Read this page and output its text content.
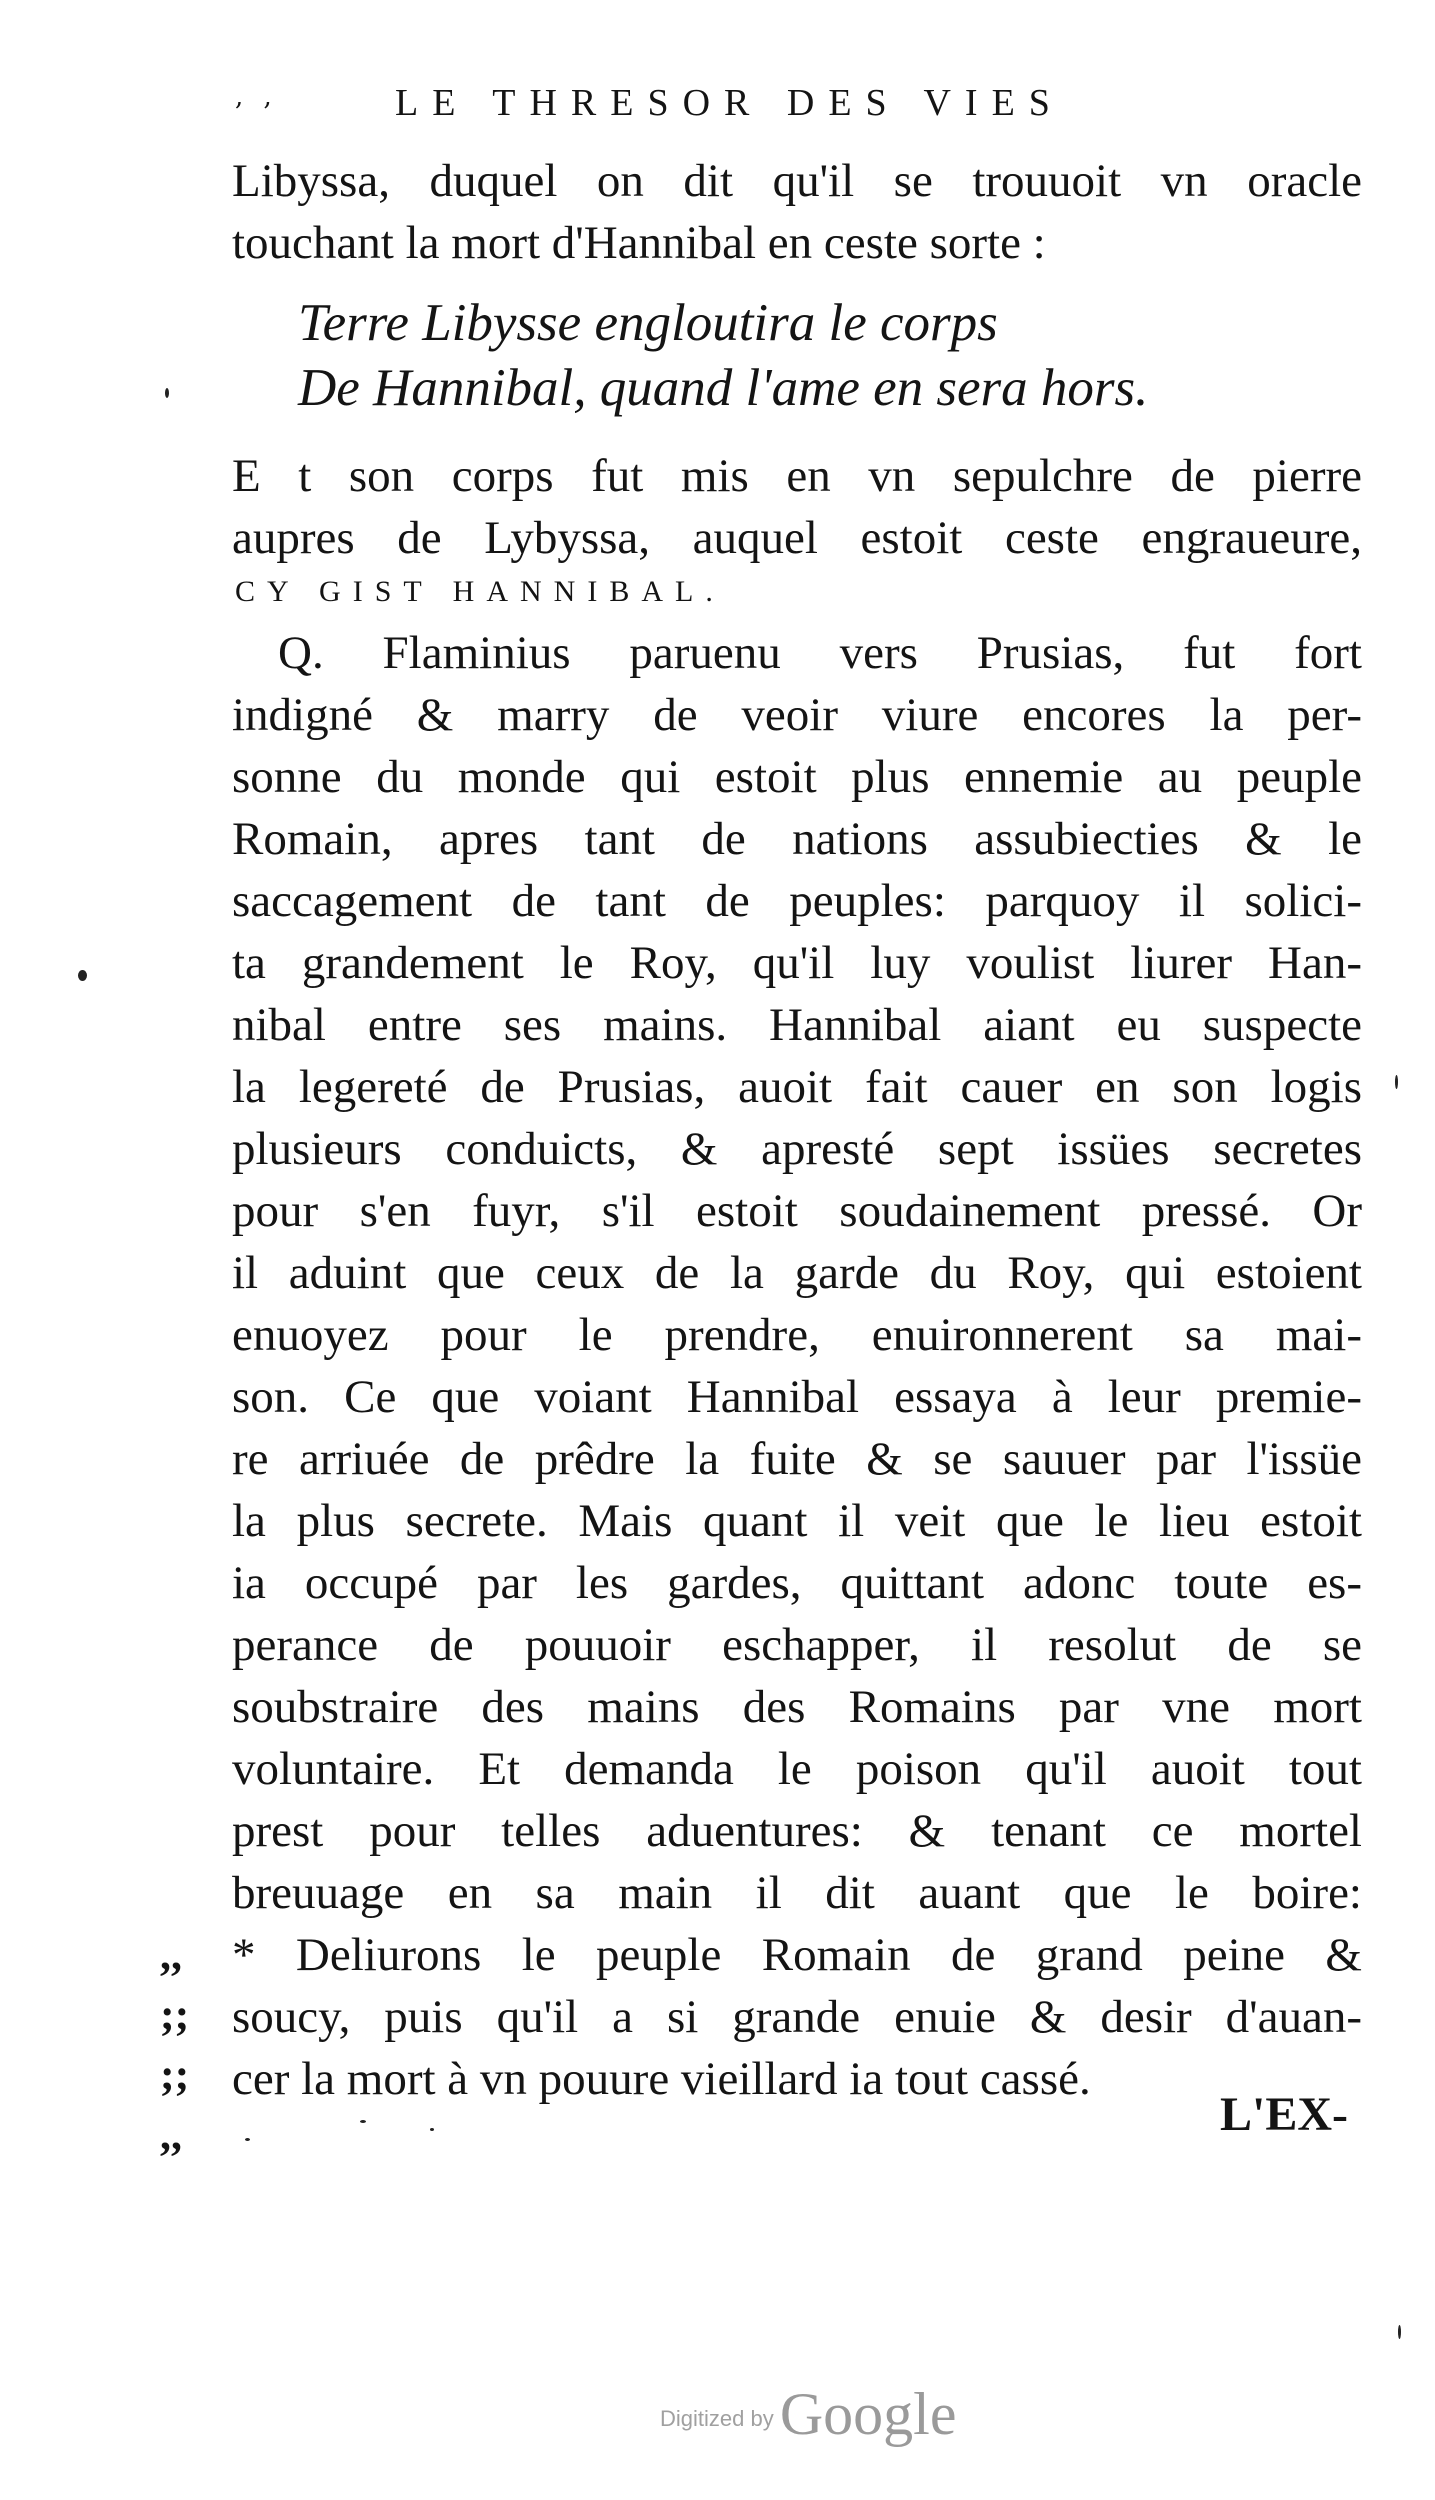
, ,	LE THRESOR DES VIES
Libyssa, duquel on dit qu'il se trouuoit vn oracle
touchant la mort d'Hannibal en ceste sorte :
Terre Libysse engloutira le corps
De Hannibal, quand l'ame en sera hors.
E t son corps fut mis en vn sepulchre de pierre
aupres de Lybyssa, auquel estoit ceste engraueure,
CY GIST HANNIBAL.
Q. Flaminius paruenu vers Prusias, fut fort
indigné & marry de veoir viure encores la per-
sonne du monde qui estoit plus ennemie au peuple
Romain, apres tant de nations assubiecties & le
saccagement de tant de peuples: parquoy il solici-
ta grandement le Roy, qu'il luy voulist liurer Han-
nibal entre ses mains. Hannibal aiant eu suspecte
la legereté de Prusias, auoit fait cauer en son logis
plusieurs conduicts, & apresté sept issües secretes
pour s'en fuyr, s'il estoit soudainement pressé. Or
il aduint que ceux de la garde du Roy, qui estoient
enuoyez pour le prendre, enuironnerent sa mai-
son. Ce que voiant Hannibal essaya à leur premie-
re arriuée de prêdre la fuite & se sauuer par l'issüe
la plus secrete. Mais quant il veit que le lieu estoit
ia occupé par les gardes, quittant adonc toute es-
perance de pouuoir eschapper, il resolut de se
soubstraire des mains des Romains par vne mort
voluntaire. Et demanda le poison qu'il auoit tout
prest pour telles aduentures: & tenant ce mortel
breuuage en sa main il dit auant que le boire:
* Deliurons le peuple Romain de grand peine &
soucy, puis qu'il a si grande enuie & desir d'auan-
cer la mort à vn pouure vieillard ia tout cassé.
,,
;;
;;
,,	L'EX-
Digitized by Google
